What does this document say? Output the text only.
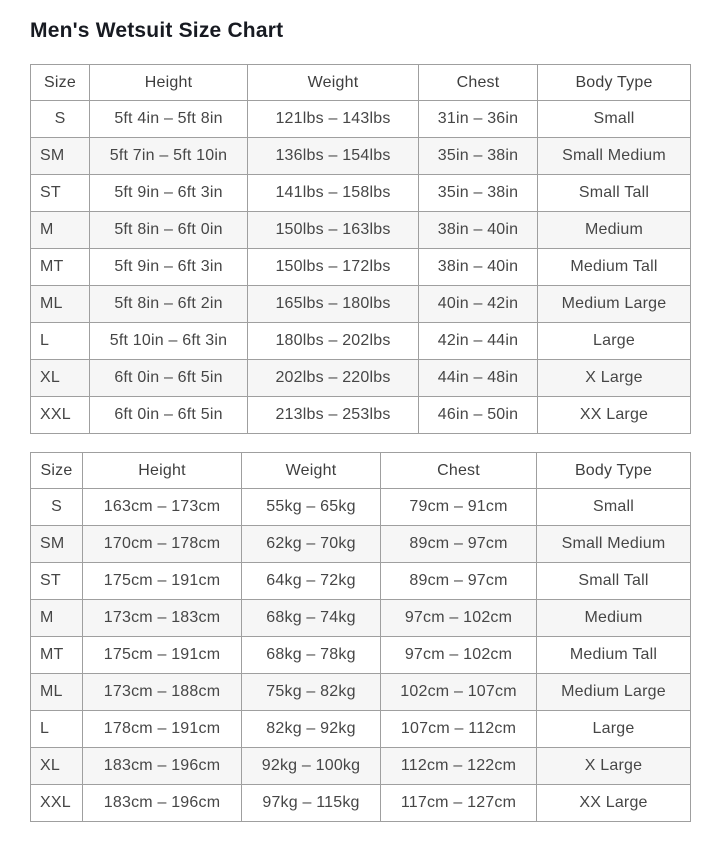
Men's Wetsuit Size Chart
Size	Height	Weight	Chest	Body Type
S	5ft 4in – 5ft 8in	121lbs – 143lbs	31in – 36in	Small
SM	5ft 7in – 5ft 10in	136lbs – 154lbs	35in – 38in	Small Medium
ST	5ft 9in – 6ft 3in	141lbs – 158lbs	35in – 38in	Small Tall
M	5ft 8in – 6ft 0in	150lbs – 163lbs	38in – 40in	Medium
MT	5ft 9in – 6ft 3in	150lbs – 172lbs	38in – 40in	Medium Tall
ML	5ft 8in – 6ft 2in	165lbs – 180lbs	40in – 42in	Medium Large
L	5ft 10in – 6ft 3in	180lbs – 202lbs	42in – 44in	Large
XL	6ft 0in – 6ft 5in	202lbs – 220lbs	44in – 48in	X Large
XXL	6ft 0in – 6ft 5in	213lbs – 253lbs	46in – 50in	XX Large
Size	Height	Weight	Chest	Body Type
S	163cm – 173cm	55kg – 65kg	79cm – 91cm	Small
SM	170cm – 178cm	62kg – 70kg	89cm – 97cm	Small Medium
ST	175cm – 191cm	64kg – 72kg	89cm – 97cm	Small Tall
M	173cm – 183cm	68kg – 74kg	97cm – 102cm	Medium
MT	175cm – 191cm	68kg – 78kg	97cm – 102cm	Medium Tall
ML	173cm – 188cm	75kg – 82kg	102cm – 107cm	Medium Large
L	178cm – 191cm	82kg – 92kg	107cm – 112cm	Large
XL	183cm – 196cm	92kg – 100kg	112cm – 122cm	X Large
XXL	183cm – 196cm	97kg – 115kg	117cm – 127cm	XX Large
